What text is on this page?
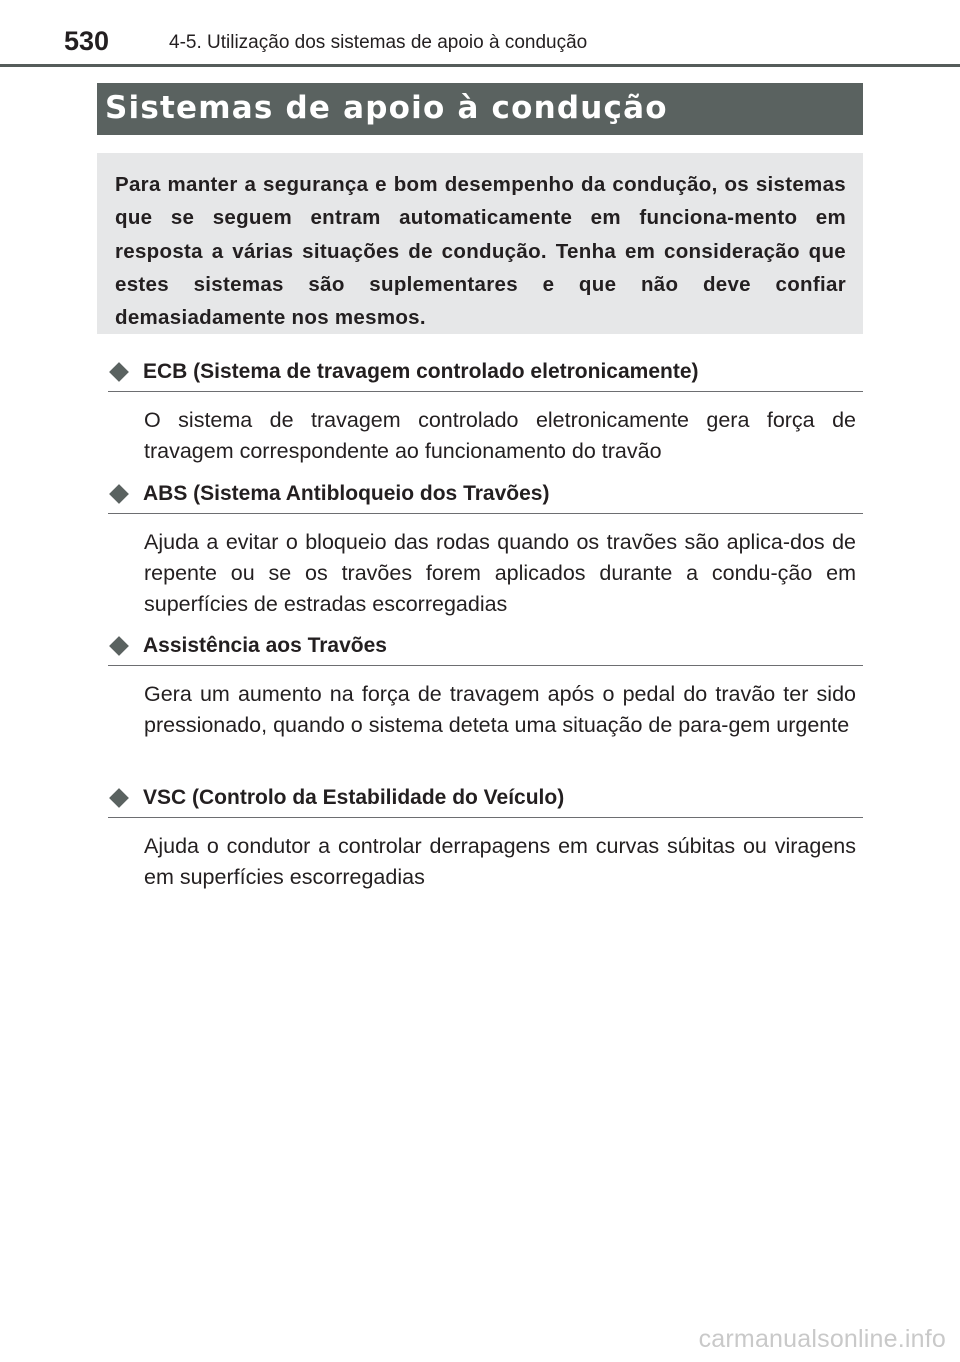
530	4-5. Utilização dos sistemas de apoio à condução
Sistemas de apoio à condução
Para manter a segurança e bom desempenho da condução, os sistemas que se seguem entram automaticamente em funciona-mento em resposta a várias situações de condução. Tenha em consideração que estes sistemas são suplementares e que não deve confiar demasiadamente nos mesmos.
ECB (Sistema de travagem controlado eletronicamente)
O sistema de travagem controlado eletronicamente gera força de travagem correspondente ao funcionamento do travão
ABS (Sistema Antibloqueio dos Travões)
Ajuda a evitar o bloqueio das rodas quando os travões são aplica-dos de repente ou se os travões forem aplicados durante a condu-ção em superfícies de estradas escorregadias
Assistência aos Travões
Gera um aumento na força de travagem após o pedal do travão ter sido pressionado, quando o sistema deteta uma situação de para-gem urgente
VSC (Controlo da Estabilidade do Veículo)
Ajuda o condutor a controlar derrapagens em curvas súbitas ou viragens em superfícies escorregadias
carmanualsonline.info
